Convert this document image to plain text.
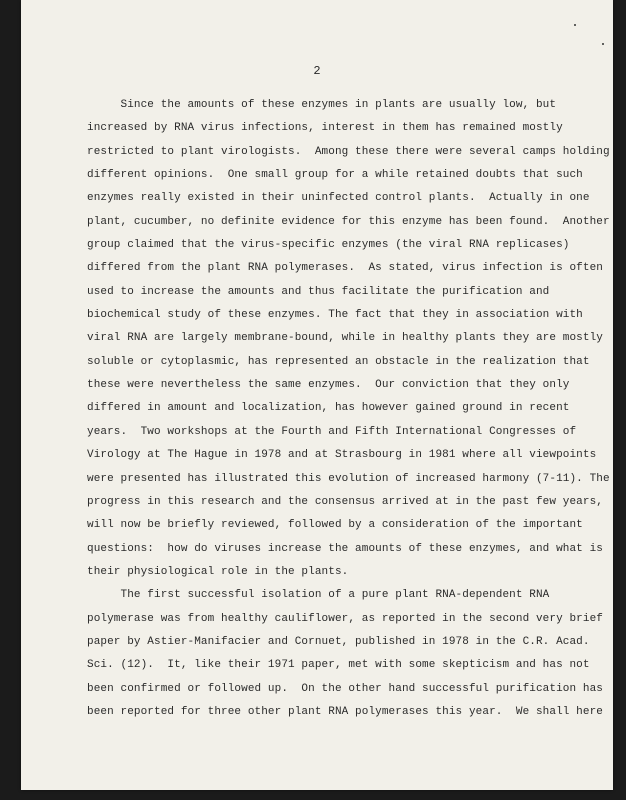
2
Since the amounts of these enzymes in plants are usually low, but
increased by RNA virus infections, interest in them has remained mostly
restricted to plant virologists.  Among these there were several camps holding
different opinions.  One small group for a while retained doubts that such
enzymes really existed in their uninfected control plants.  Actually in one
plant, cucumber, no definite evidence for this enzyme has been found.  Another
group claimed that the virus-specific enzymes (the viral RNA replicases)
differed from the plant RNA polymerases.  As stated, virus infection is often
used to increase the amounts and thus facilitate the purification and
biochemical study of these enzymes. The fact that they in association with
viral RNA are largely membrane-bound, while in healthy plants they are mostly
soluble or cytoplasmic, has represented an obstacle in the realization that
these were nevertheless the same enzymes.  Our conviction that they only
differed in amount and localization, has however gained ground in recent
years.  Two workshops at the Fourth and Fifth International Congresses of
Virology at The Hague in 1978 and at Strasbourg in 1981 where all viewpoints
were presented has illustrated this evolution of increased harmony (7-11). The
progress in this research and the consensus arrived at in the past few years,
will now be briefly reviewed, followed by a consideration of the important
questions:  how do viruses increase the amounts of these enzymes, and what is
their physiological role in the plants.
The first successful isolation of a pure plant RNA-dependent RNA
polymerase was from healthy cauliflower, as reported in the second very brief
paper by Astier-Manifacier and Cornuet, published in 1978 in the C.R. Acad.
Sci. (12).  It, like their 1971 paper, met with some skepticism and has not
been confirmed or followed up.  On the other hand successful purification has
been reported for three other plant RNA polymerases this year.  We shall here
